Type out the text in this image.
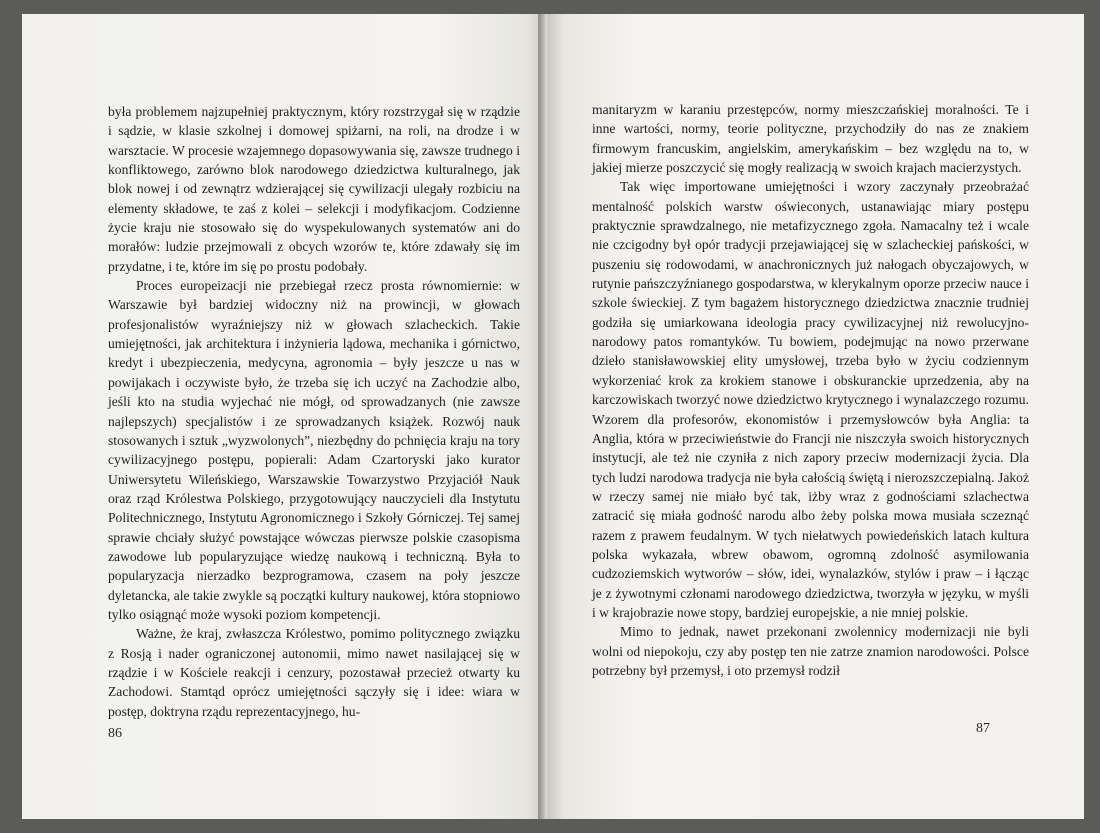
była problemem najzupełniej praktycznym, który rozstrzygał się w rządzie i sądzie, w klasie szkolnej i domowej spiżarni, na roli, na drodze i w warsztacie. W procesie wzajemnego dopasowywania się, zawsze trudnego i konfliktowego, zarówno blok narodowego dziedzictwa kulturalnego, jak blok nowej i od zewnątrz wdzierającej się cywilizacji ulegały rozbiciu na elementy składowe, te zaś z kolei – selekcji i modyfikacjom. Codzienne życie kraju nie stosowało się do wyspekulowanych systematów ani do morałów: ludzie przejmowali z obcych wzorów te, które zdawały się im przydatne, i te, które im się po prostu podobały.

Proces europeizacji nie przebiegał rzecz prosta równomiernie: w Warszawie był bardziej widoczny niż na prowincji, w głowach profesjonalistów wyraźniejszy niż w głowach szlacheckich. Takie umiejętności, jak architektura i inżynieria lądowa, mechanika i górnictwo, kredyt i ubezpieczenia, medycyna, agronomia – były jeszcze u nas w powijakach i oczywiste było, że trzeba się ich uczyć na Zachodzie albo, jeśli kto na studia wyjechać nie mógł, od sprowadzanych (nie zawsze najlepszych) specjalistów i ze sprowadzanych książek. Rozwój nauk stosowanych i sztuk „wyzwolonych”, niezbędny do pchnięcia kraju na tory cywilizacyjnego postępu, popierali: Adam Czartoryski jako kurator Uniwersytetu Wileńskiego, Warszawskie Towarzystwo Przyjaciół Nauk oraz rząd Królestwa Polskiego, przygotowujący nauczycieli dla Instytutu Politechnicznego, Instytutu Agronomicznego i Szkoły Górniczej. Tej samej sprawie chciały służyć powstające wówczas pierwsze polskie czasopisma zawodowe lub popularyzujące wiedzę naukową i techniczną. Była to popularyzacja nierzadko bezprogramowa, czasem na poły jeszcze dyletancka, ale takie zwykle są początki kultury naukowej, która stopniowo tylko osiągnąć może wysoki poziom kompetencji.

Ważne, że kraj, zwłaszcza Królestwo, pomimo politycznego związku z Rosją i nader ograniczonej autonomii, mimo nawet nasilającej się w rządzie i w Kościele reakcji i cenzury, pozostawał przecież otwarty ku Zachodowi. Stamtąd oprócz umiejętności sączyły się i idee: wiara w postęp, doktryna rządu reprezentacyjnego, hu-

86

manitaryzm w karaniu przestępców, normy mieszczańskiej moralności. Te i inne wartości, normy, teorie polityczne, przychodziły do nas ze znakiem firmowym francuskim, angielskim, amerykańskim – bez względu na to, w jakiej mierze poszczycić się mogły realizacją w swoich krajach macierzystych.

Tak więc importowane umiejętności i wzory zaczynały przeobrażać mentalność polskich warstw oświeconych, ustanawiając miary postępu praktycznie sprawdzalnego, nie metafizycznego zgoła. Namacalny też i wcale nie czcigodny był opór tradycji przejawiającej się w szlacheckiej pańskości, w puszeniu się rodowodami, w anachronicznych już nałogach obyczajowych, w rutynie pańszczyźnianego gospodarstwa, w klerykalnym oporze przeciw nauce i szkole świeckiej. Z tym bagażem historycznego dziedzictwa znacznie trudniej godziła się umiarkowana ideologia pracy cywilizacyjnej niż rewolucyjno-narodowy patos romantyków. Tu bowiem, podejmując na nowo przerwane dzieło stanisławowskiej elity umysłowej, trzeba było w życiu codziennym wykorzeniać krok za krokiem stanowe i obskuranckie uprzedzenia, aby na karczowiskach tworzyć nowe dziedzictwo krytycznego i wynalazczego rozumu. Wzorem dla profesorów, ekonomistów i przemysłowców była Anglia: ta Anglia, która w przeciwieństwie do Francji nie niszczyła swoich historycznych instytucji, ale też nie czyniła z nich zapory przeciw modernizacji życia. Dla tych ludzi narodowa tradycja nie była całością świętą i nierozszczepialną. Jakoż w rzeczy samej nie miało być tak, iżby wraz z godnościami szlachectwa zatracić się miała godność narodu albo żeby polska mowa musiała sczeznąć razem z prawem feudalnym. W tych niełatwych powiedeńskich latach kultura polska wykazała, wbrew obawom, ogromną zdolność asymilowania cudzoziemskich wytworów – słów, idei, wynalazków, stylów i praw – i łącząc je z żywotnymi członami narodowego dziedzictwa, tworzyła w języku, w myśli i w krajobrazie nowe stopy, bardziej europejskie, a nie mniej polskie.

Mimo to jednak, nawet przekonani zwolennicy modernizacji nie byli wolni od niepokoju, czy aby postęp ten nie zatrze znamion narodowości. Polsce potrzebny był przemysł, i oto przemysł rodził

87
